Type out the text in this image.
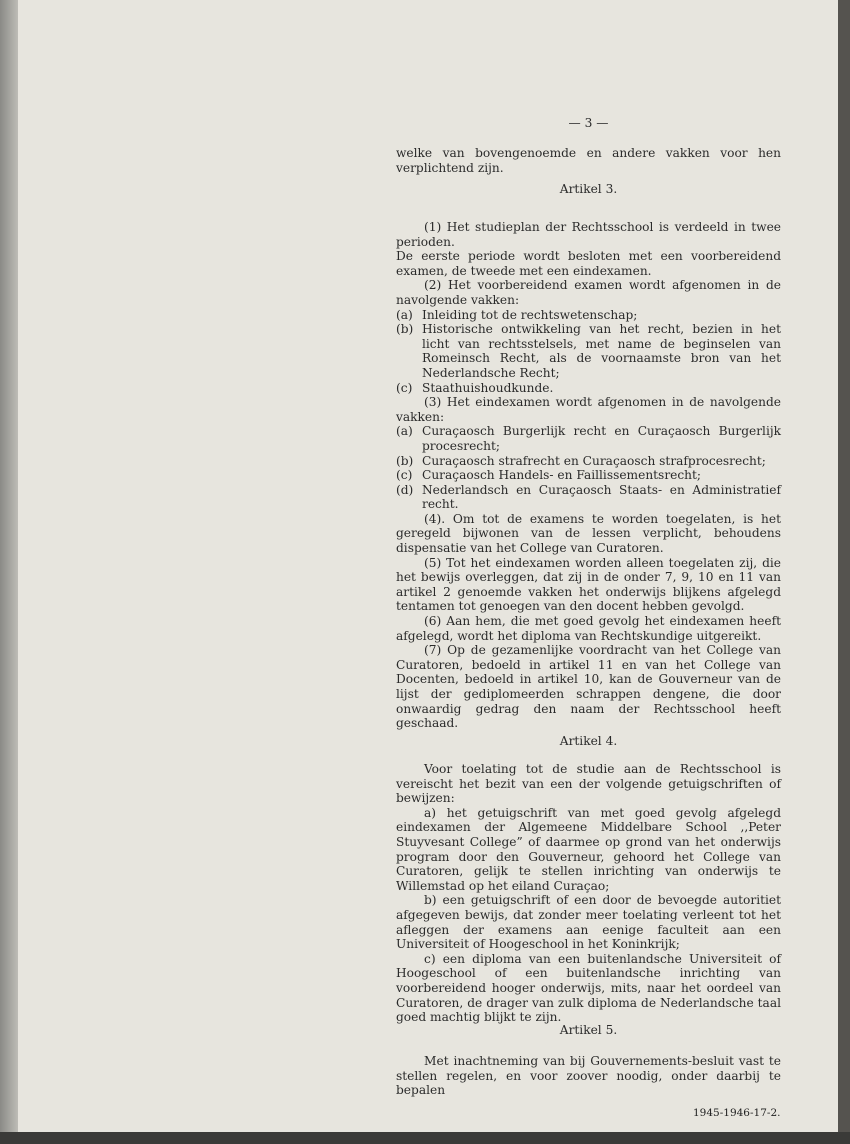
— 3 —

welke van bovengenoemde en andere vakken voor hen verplichtend zijn.

Artikel 3.

(1) Het studieplan der Rechtsschool is verdeeld in twee perioden.

De eerste periode wordt besloten met een voorbereidend examen, de tweede met een eindexamen.

(2) Het voorbereidend examen wordt afgenomen in de navolgende vakken:

(a) Inleiding tot de rechtswetenschap;
(b) Historische ontwikkeling van het recht, bezien in het licht van rechtsstelsels, met name de beginselen van Romeinsch Recht, als de voornaamste bron van het Nederlandsche Recht;
(c) Staathuishoudkunde.

(3) Het eindexamen wordt afgenomen in de navolgende vakken:

(a) Curaçaosch Burgerlijk recht en Curaçaosch Burgerlijk procesrecht;
(b) Curaçaosch strafrecht en Curaçaosch strafprocesrecht;
(c) Curaçaosch Handels- en Faillissementsrecht;
(d) Nederlandsch en Curaçaosch Staats- en Administratief recht.

(4). Om tot de examens te worden toegelaten, is het geregeld bijwonen van de lessen verplicht, behoudens dispensatie van het College van Curatoren.

(5) Tot het eindexamen worden alleen toegelaten zij, die het bewijs overleggen, dat zij in de onder 7, 9, 10 en 11 van artikel 2 genoemde vakken het onderwijs blijkens afgelegd tentamen tot genoegen van den docent hebben gevolgd.

(6) Aan hem, die met goed gevolg het eindexamen heeft afgelegd, wordt het diploma van Rechtskundige uitgereikt.

(7) Op de gezamenlijke voordracht van het College van Curatoren, bedoeld in artikel 11 en van het College van Docenten, bedoeld in artikel 10, kan de Gouverneur van de lijst der gediplomeerden schrappen dengene, die door onwaardig gedrag den naam der Rechtsschool heeft geschaad.

Artikel 4.

Voor toelating tot de studie aan de Rechtsschool is vereischt het bezit van een der volgende getuigschriften of bewijzen:

a) het getuigschrift van met goed gevolg afgelegd eindexamen der Algemeene Middelbare School ,,Peter Stuyvesant College” of daarmee op grond van het onderwijs program door den Gouverneur, gehoord het College van Curatoren, gelijk te stellen inrichting van onderwijs te Willemstad op het eiland Curaçao;

b) een getuigschrift of een door de bevoegde autoritiet afgegeven bewijs, dat zonder meer toelating verleent tot het afleggen der examens aan eenige faculteit aan een Universiteit of Hoogeschool in het Koninkrijk;

c) een diploma van een buitenlandsche Universiteit of Hoogeschool of een buitenlandsche inrichting van voorbereidend hooger onderwijs, mits, naar het oordeel van Curatoren, de drager van zulk diploma de Nederlandsche taal goed machtig blijkt te zijn.

Artikel 5.

Met inachtneming van bij Gouvernements-besluit vast te stellen regelen, en voor zoover noodig, onder daarbij te bepalen

1945-1946-17-2.
